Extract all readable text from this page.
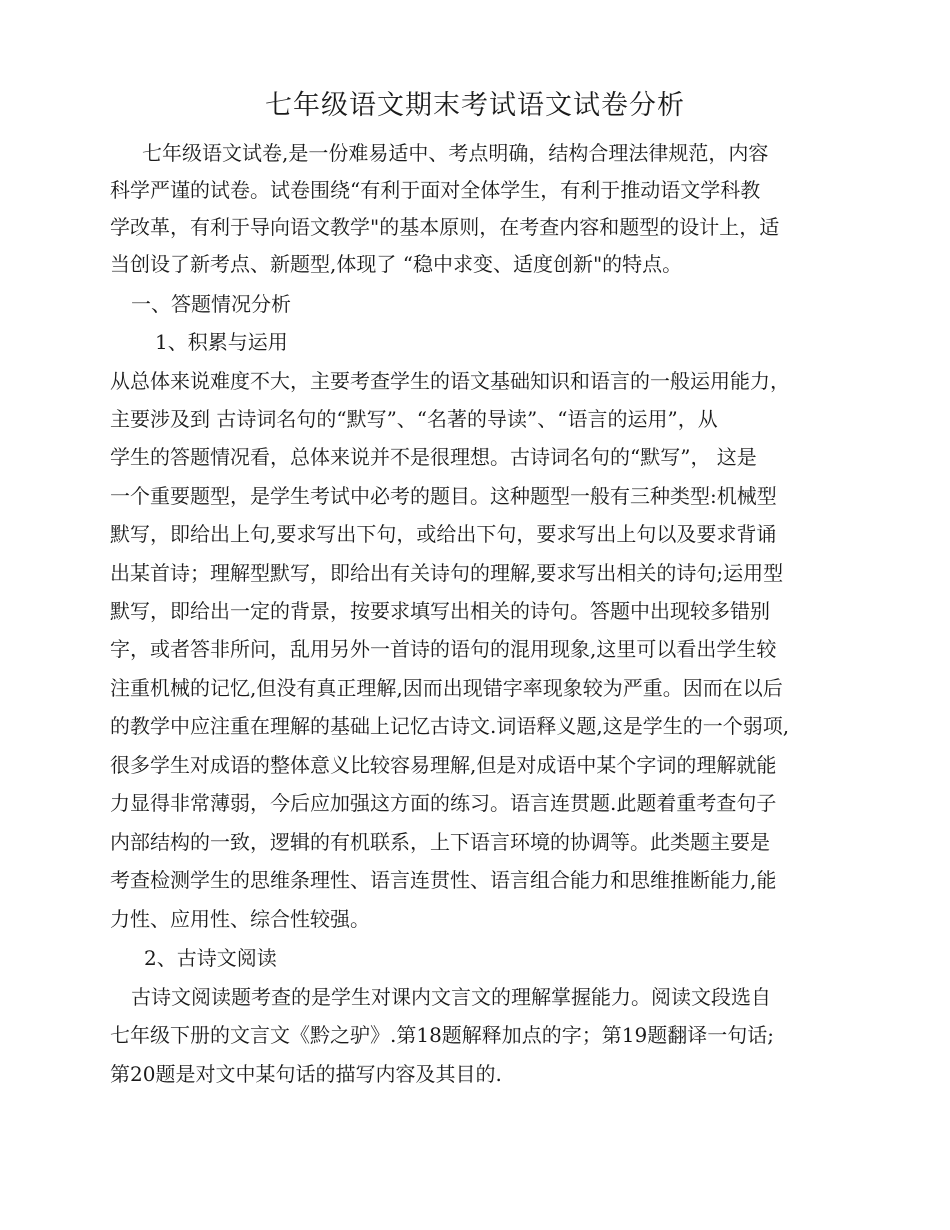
七年级语文期末考试语文试卷分析
七年级语文试卷,是一份难易适中、考点明确，结构合理法律规范，内容
科学严谨的试卷。试卷围绕“有利于面对全体学生，有利于推动语文学科教
学改革，有利于导向语文教学"的基本原则，在考查内容和题型的设计上，适
当创设了新考点、新题型,体现了 “稳中求变、适度创新"的特点。
一、答题情况分析
1、积累与运用
从总体来说难度不大，主要考查学生的语文基础知识和语言的一般运用能力，
主要涉及到 古诗词名句的“默写”、“名著的导读”、“语言的运用”，从
学生的答题情况看，总体来说并不是很理想。古诗词名句的“默写”， 这是
一个重要题型，是学生考试中必考的题目。这种题型一般有三种类型:机械型
默写，即给出上句,要求写出下句，或给出下句，要求写出上句以及要求背诵
出某首诗；理解型默写，即给出有关诗句的理解,要求写出相关的诗句;运用型
默写，即给出一定的背景，按要求填写出相关的诗句。答题中出现较多错别
字，或者答非所问，乱用另外一首诗的语句的混用现象,这里可以看出学生较
注重机械的记忆,但没有真正理解,因而出现错字率现象较为严重。因而在以后
的教学中应注重在理解的基础上记忆古诗文.词语释义题,这是学生的一个弱项,
很多学生对成语的整体意义比较容易理解,但是对成语中某个字词的理解就能
力显得非常薄弱，今后应加强这方面的练习。语言连贯题.此题着重考查句子
内部结构的一致，逻辑的有机联系，上下语言环境的协调等。此类题主要是
考查检测学生的思维条理性、语言连贯性、语言组合能力和思维推断能力,能
力性、应用性、综合性较强。
2、古诗文阅读
古诗文阅读题考查的是学生对课内文言文的理解掌握能力。阅读文段选自
七年级下册的文言文《黔之驴》.第18题解释加点的字；第19题翻译一句话;
第20题是对文中某句话的描写内容及其目的.
